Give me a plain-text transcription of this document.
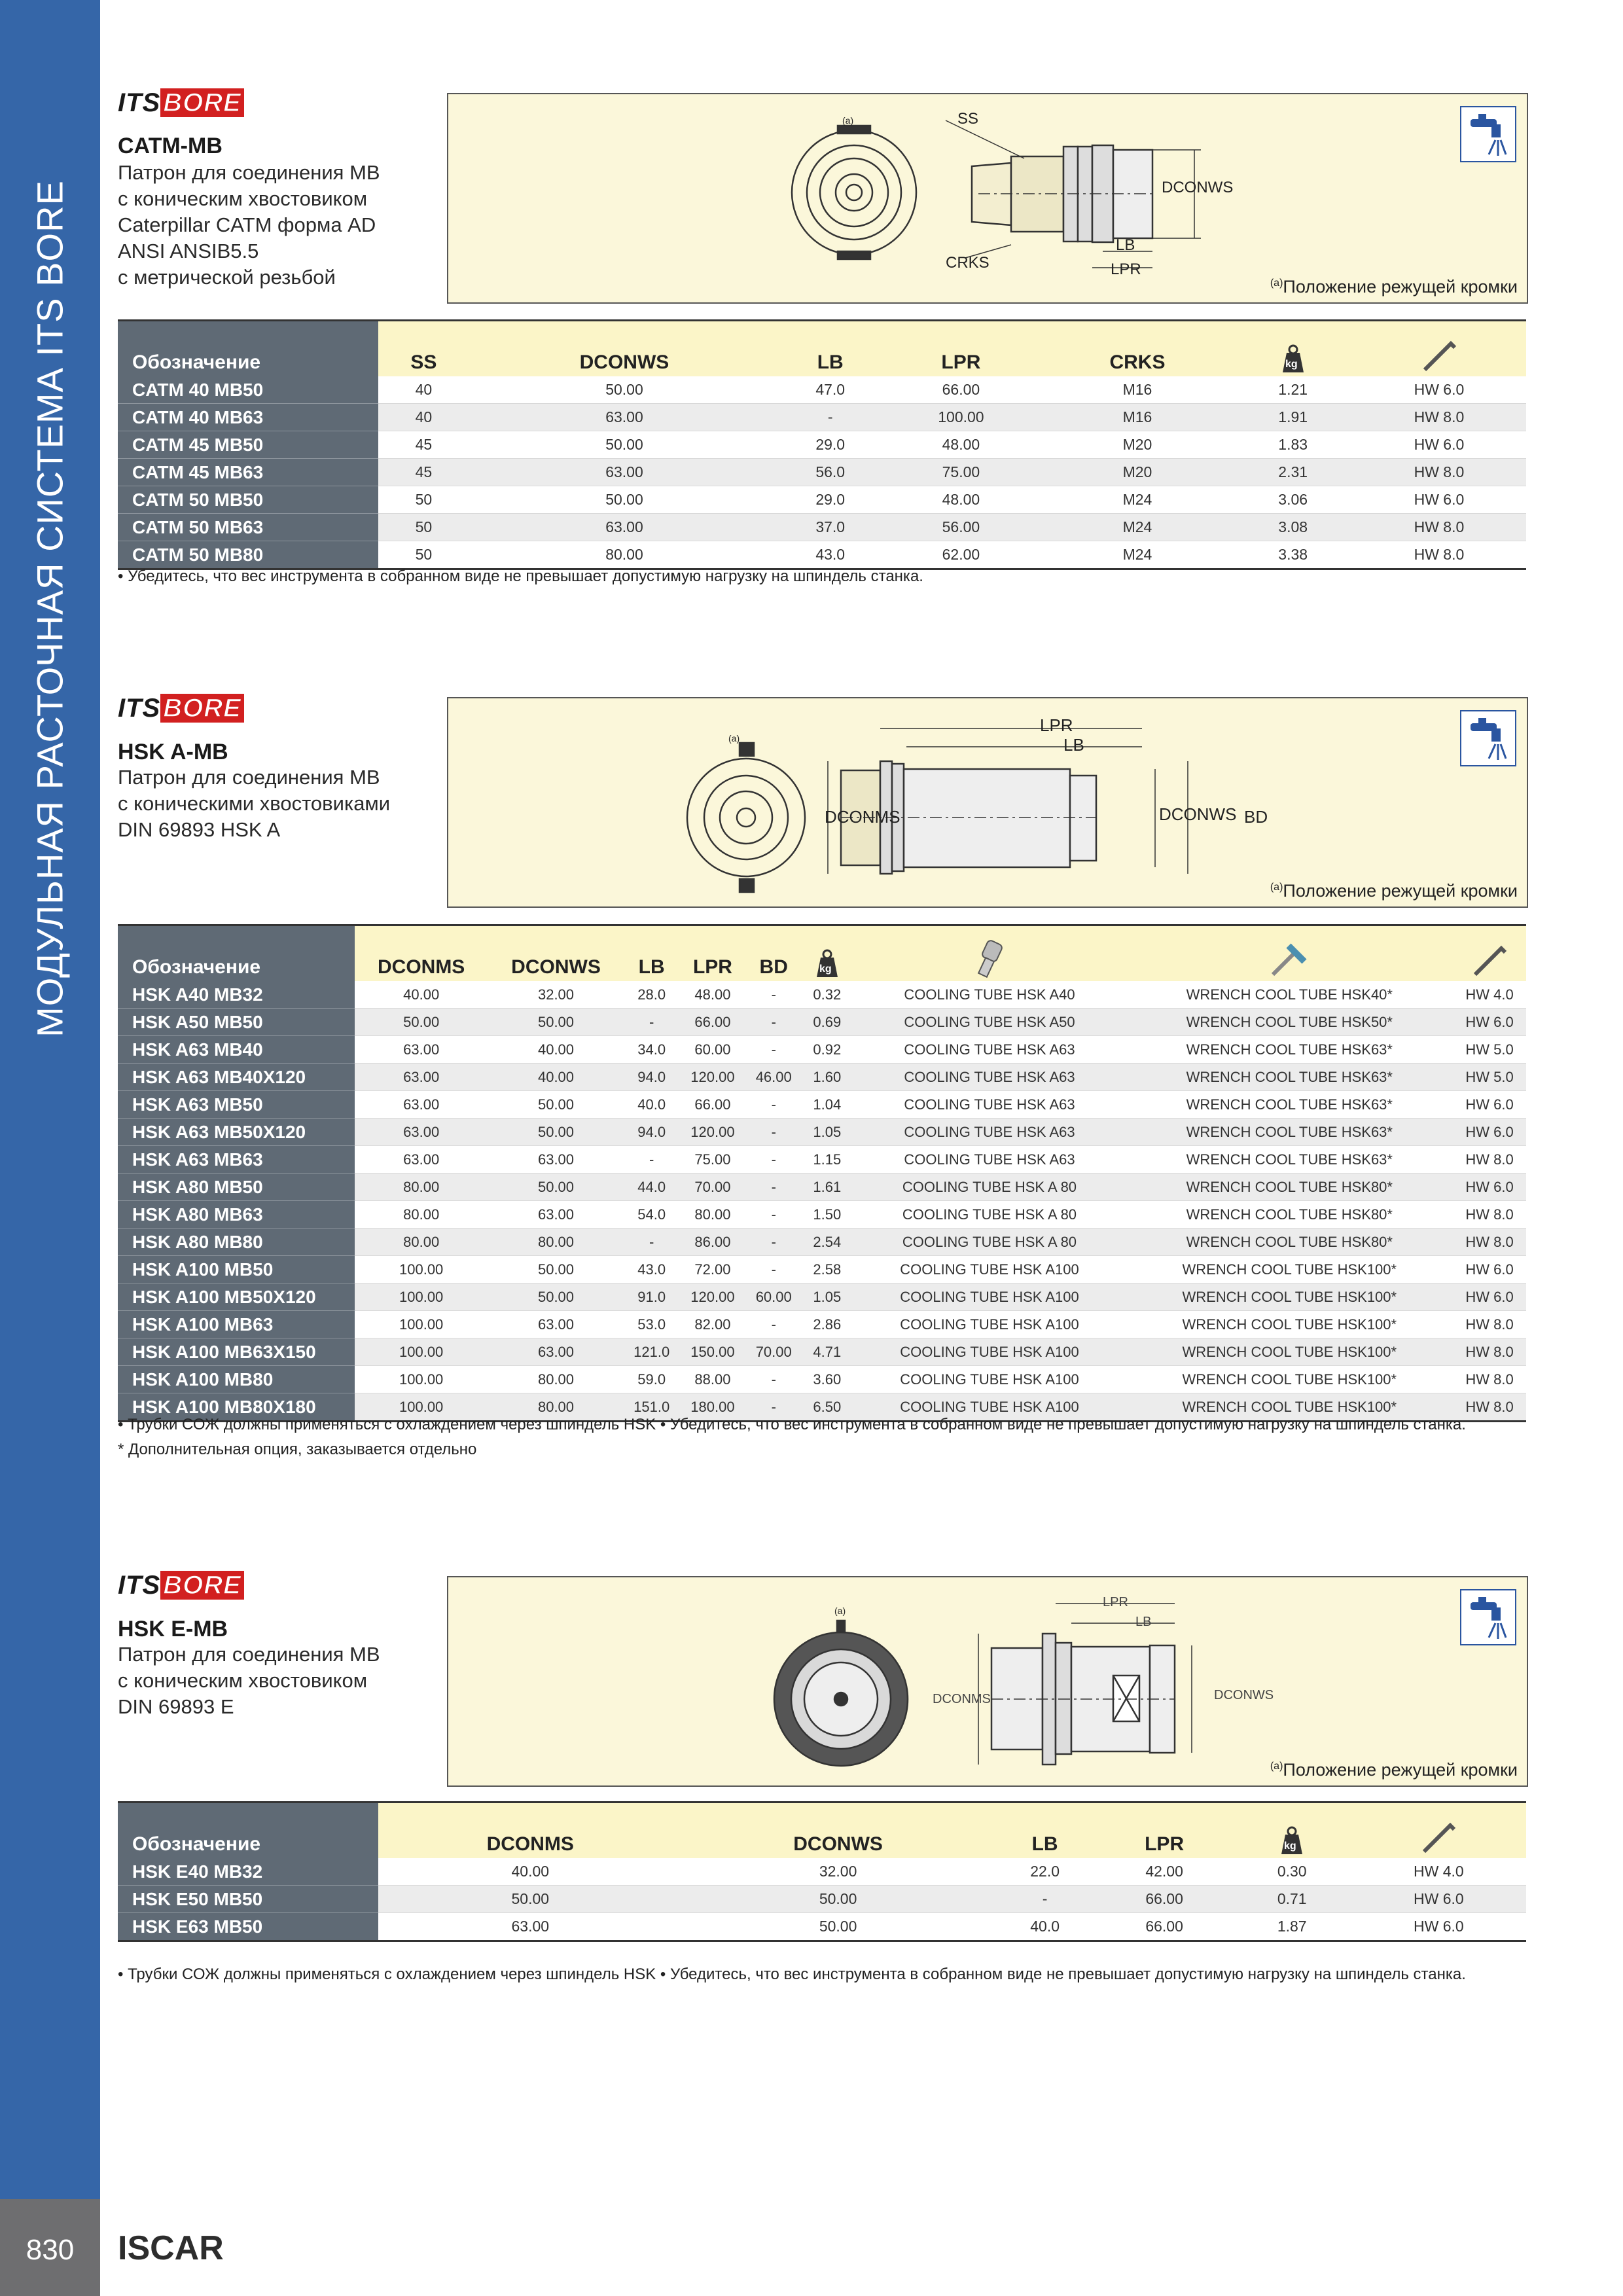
МОДУЛЬНАЯ РАСТОЧНАЯ СИСТЕМА ITS BORE
830	ISCAR
ITS BORE
CATM-MB
Патрон для соединения MB
с коническим хвостовиком
Caterpillar CATM форма AD
ANSI ANSIB5.5
с метрической резьбой
SS
DCONWS
CRKS
LB
LPR
(a)
$^{(a)}$Положение режущей кромки
Обозначение	SS	DCONWS	LB	LPR	CRKS	kg

CATM 40 MB50	40	50.00	47.0	66.00	M16	1.21	HW 6.0
CATM 40 MB63	40	63.00	-	100.00	M16	1.91	HW 8.0
CATM 45 MB50	45	50.00	29.0	48.00	M20	1.83	HW 6.0
CATM 45 MB63	45	63.00	56.0	75.00	M20	2.31	HW 8.0
CATM 50 MB50	50	50.00	29.0	48.00	M24	3.06	HW 6.0
CATM 50 MB63	50	63.00	37.0	56.00	M24	3.08	HW 8.0
CATM 50 MB80	50	80.00	43.0	62.00	M24	3.38	HW 8.0
• Убедитесь, что вес инструмента в собранном виде не превышает допустимую нагрузку на шпиндель станка.
ITS BORE
HSK A-MB
Патрон для соединения MB
с коническими хвостовиками
DIN 69893 HSK A
LPR
LB
DCONMS	DCONWS BD
(a)
$^{(a)}$Положение режущей кромки
Обозначение	DCONMS	DCONWS	LB	LPR	BD	kg

HSK A40 MB32	40.00	32.00	28.0	48.00	-	0.32	COOLING TUBE HSK A40	WRENCH COOL TUBE HSK40*	HW 4.0
HSK A50 MB50	50.00	50.00	-	66.00	-	0.69	COOLING TUBE HSK A50	WRENCH COOL TUBE HSK50*	HW 6.0
HSK A63 MB40	63.00	40.00	34.0	60.00	-	0.92	COOLING TUBE HSK A63	WRENCH COOL TUBE HSK63*	HW 5.0
HSK A63 MB40X120	63.00	40.00	94.0	120.00	46.00	1.60	COOLING TUBE HSK A63	WRENCH COOL TUBE HSK63*	HW 5.0
HSK A63 MB50	63.00	50.00	40.0	66.00	-	1.04	COOLING TUBE HSK A63	WRENCH COOL TUBE HSK63*	HW 6.0
HSK A63 MB50X120	63.00	50.00	94.0	120.00	-	1.05	COOLING TUBE HSK A63	WRENCH COOL TUBE HSK63*	HW 6.0
HSK A63 MB63	63.00	63.00	-	75.00	-	1.15	COOLING TUBE HSK A63	WRENCH COOL TUBE HSK63*	HW 8.0
HSK A80 MB50	80.00	50.00	44.0	70.00	-	1.61	COOLING TUBE HSK A 80	WRENCH COOL TUBE HSK80*	HW 6.0
HSK A80 MB63	80.00	63.00	54.0	80.00	-	1.50	COOLING TUBE HSK A 80	WRENCH COOL TUBE HSK80*	HW 8.0
HSK A80 MB80	80.00	80.00	-	86.00	-	2.54	COOLING TUBE HSK A 80	WRENCH COOL TUBE HSK80*	HW 8.0
HSK A100 MB50	100.00	50.00	43.0	72.00	-	2.58	COOLING TUBE HSK A100	WRENCH COOL TUBE HSK100*	HW 6.0
HSK A100 MB50X120	100.00	50.00	91.0	120.00	60.00	1.05	COOLING TUBE HSK A100	WRENCH COOL TUBE HSK100*	HW 6.0
HSK A100 MB63	100.00	63.00	53.0	82.00	-	2.86	COOLING TUBE HSK A100	WRENCH COOL TUBE HSK100*	HW 8.0
HSK A100 MB63X150	100.00	63.00	121.0	150.00	70.00	4.71	COOLING TUBE HSK A100	WRENCH COOL TUBE HSK100*	HW 8.0
HSK A100 MB80	100.00	80.00	59.0	88.00	-	3.60	COOLING TUBE HSK A100	WRENCH COOL TUBE HSK100*	HW 8.0
HSK A100 MB80X180	100.00	80.00	151.0	180.00	-	6.50	COOLING TUBE HSK A100	WRENCH COOL TUBE HSK100*	HW 8.0
• Трубки СОЖ должны применяться с охлаждением через шпиндель HSK • Убедитесь, что вес инструмента в собранном виде не превышает допустимую нагрузку на шпиндель станка.
* Дополнительная опция, заказывается отдельно
ITS BORE
HSK E-MB
Патрон для соединения MB
с коническим хвостовиком
DIN 69893 E
LPR
LB
DCONMS	DCONWS
(a)
$^{(a)}$Положение режущей кромки
Обозначение	DCONMS	DCONWS	LB	LPR	kg

HSK E40 MB32	40.00	32.00	22.0	42.00	0.30	HW 4.0
HSK E50 MB50	50.00	50.00	-	66.00	0.71	HW 6.0
HSK E63 MB50	63.00	50.00	40.0	66.00	1.87	HW 6.0
• Трубки СОЖ должны применяться с охлаждением через шпиндель HSK • Убедитесь, что вес инструмента в собранном виде не превышает допустимую нагрузку на шпиндель станка.
